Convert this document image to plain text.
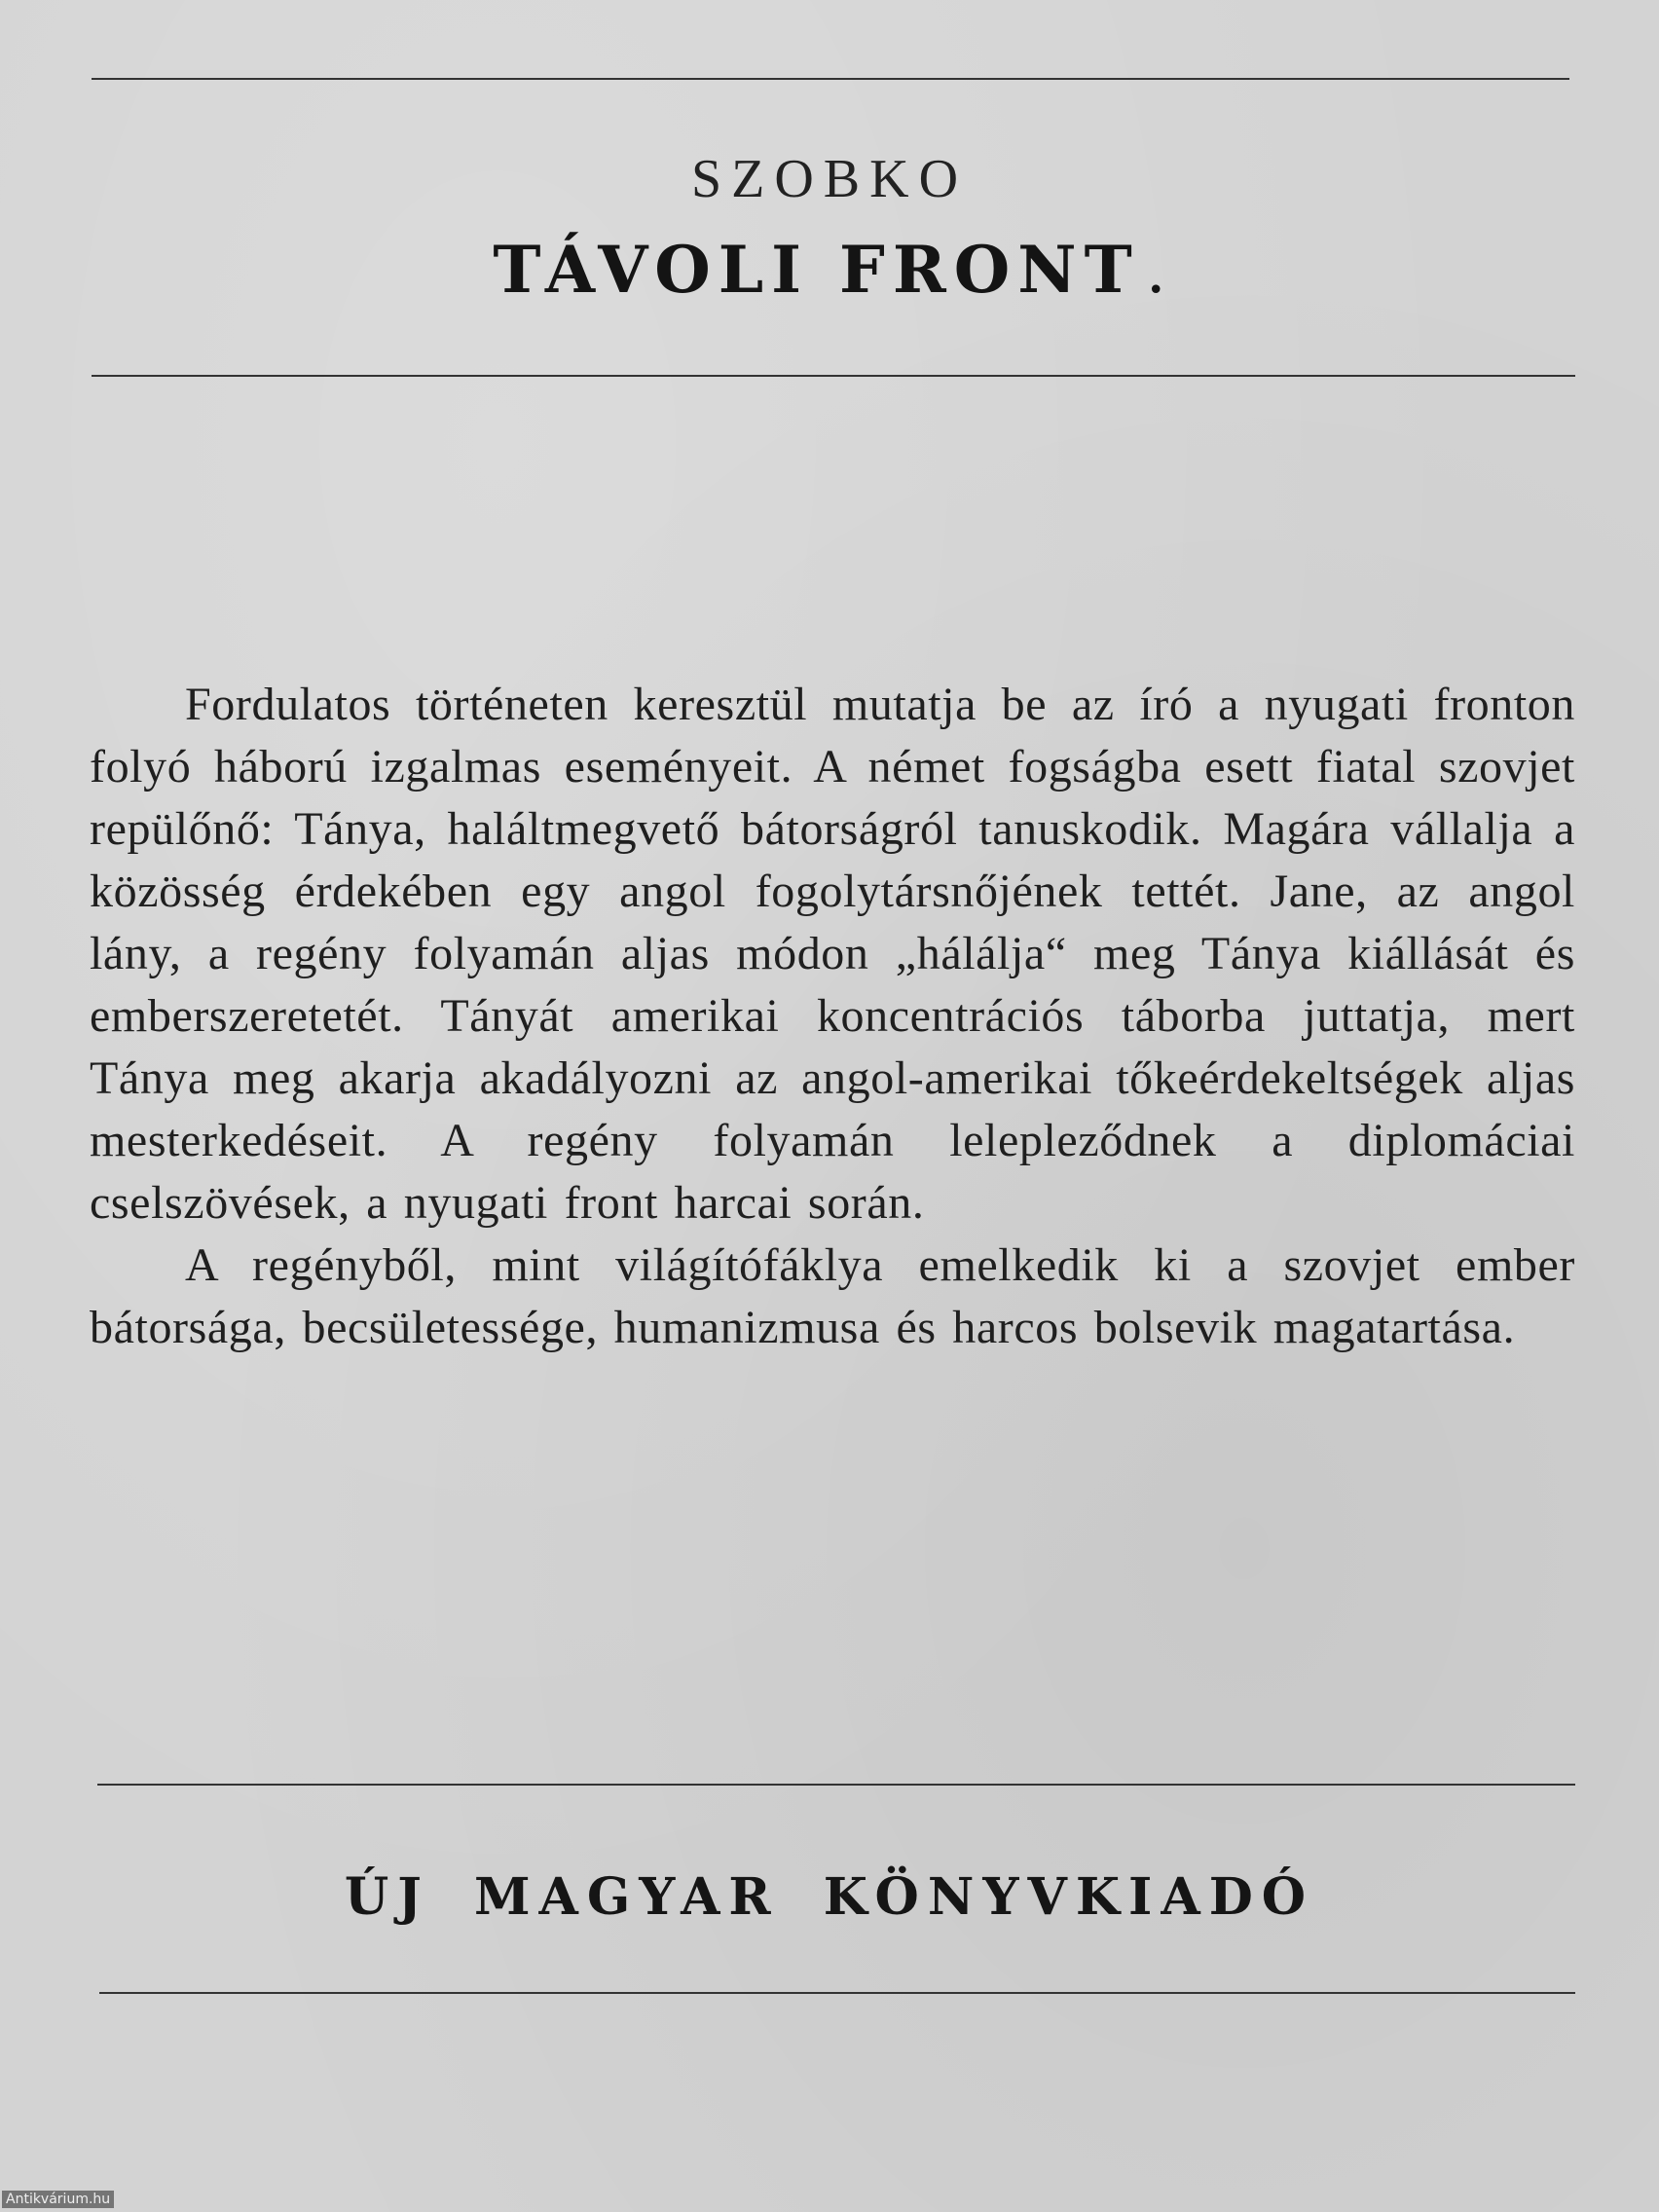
SZOBKO
TÁVOLI FRONT.

Fordulatos történeten keresztül mutatja be az író a nyugati fronton folyó háború izgalmas eseményeit. A német fogságba esett fiatal szovjet repülőnő: Tánya, haláltmegvető bátorságról tanuskodik. Magára vállalja a közösség érdekében egy angol fogolytársnőjének tettét. Jane, az angol lány, a regény folyamán aljas módon „hálálja“ meg Tánya kiállását és emberszeretetét. Tányát amerikai koncentrációs táborba juttatja, mert Tánya meg akarja akadályozni az angol-amerikai tőkeérdekeltségek aljas mesterkedéseit. A regény folyamán lelepleződnek a diplomáciai cselszövések, a nyugati front harcai során.

A regényből, mint világítófáklya emelkedik ki a szovjet ember bátorsága, becsületessége, humanizmusa és harcos bolsevik magatartása.

ÚJ MAGYAR KÖNYVKIADÓ
Antikvárium.hu
